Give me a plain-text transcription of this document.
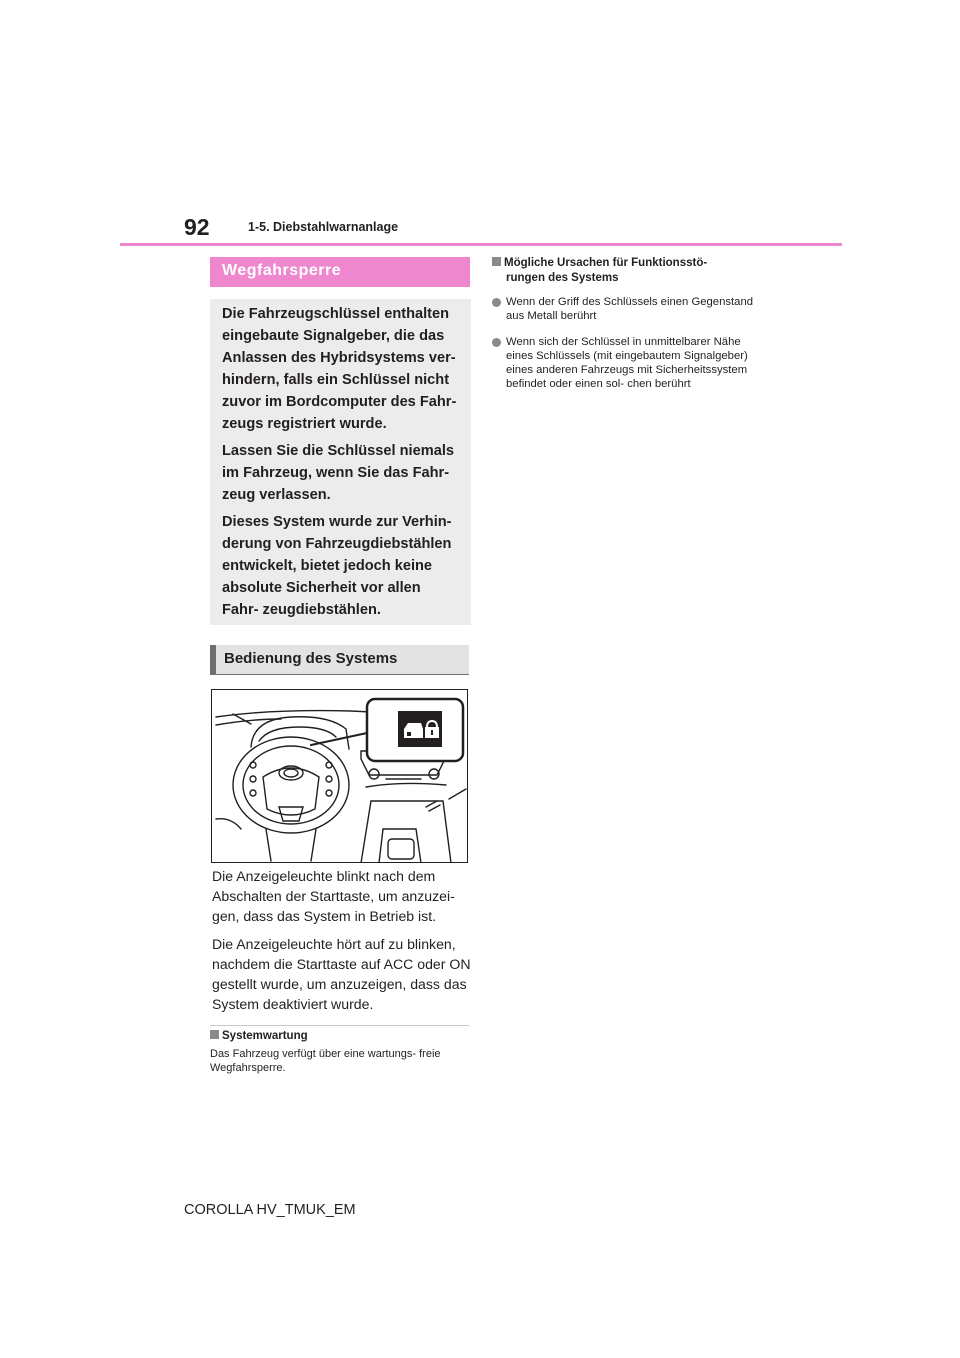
92	1-5. Diebstahlwarnanlage
Wegfahrsperre

Die Fahrzeugschlüssel enthalten eingebaute Signalgeber, die das Anlassen des Hybridsystems ver- hindern, falls ein Schlüssel nicht zuvor im Bordcomputer des Fahr- zeugs registriert wurde.

Lassen Sie die Schlüssel niemals im Fahrzeug, wenn Sie das Fahr- zeug verlassen.

Dieses System wurde zur Verhin- derung von Fahrzeugdiebstählen entwickelt, bietet jedoch keine absolute Sicherheit vor allen Fahr- zeugdiebstählen.

Bedienung des Systems

Die Anzeigeleuchte blinkt nach dem Abschalten der Starttaste, um anzuzei- gen, dass das System in Betrieb ist.

Die Anzeigeleuchte hört auf zu blinken, nachdem die Starttaste auf ACC oder ON gestellt wurde, um anzuzeigen, dass das System deaktiviert wurde.

Systemwartung
Das Fahrzeug verfügt über eine wartungs- freie Wegfahrsperre.
Mögliche Ursachen für Funktionsstö-
rungen des Systems
Wenn der Griff des Schlüssels einen Gegenstand aus Metall berührt
Wenn sich der Schlüssel in unmittelbarer Nähe eines Schlüssels (mit eingebautem Signalgeber) eines anderen Fahrzeugs mit Sicherheitssystem befindet oder einen sol- chen berührt
COROLLA HV_TMUK_EM
